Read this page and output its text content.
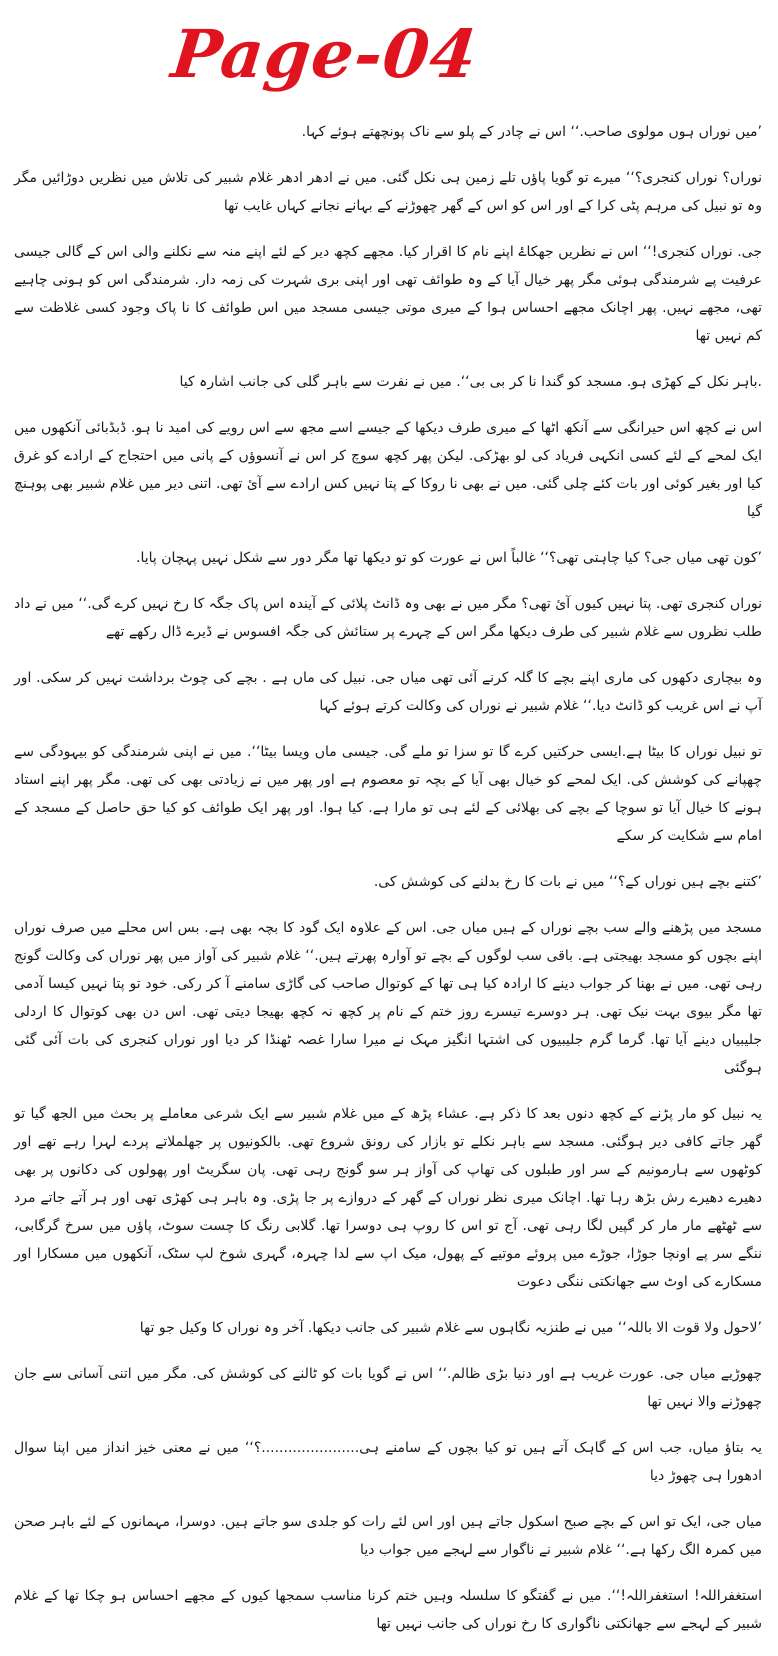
Page-04

’میں نوراں ہوں مولوی صاحب.‘‘ اس نے چادر کے پلو سے ناک پونچھتے ہوئے کہا.

نوراں؟ نوراں کنجری؟‘‘ میرے تو گویا پاؤں تلے زمین ہی نکل گئی. میں نے ادھر ادھر غلام شبیر کی تلاش میں نظریں دوڑائیں مگر وہ تو نبیل کی مرہم پٹی کرا کے اور اس کو اس کے گھر چھوڑنے کے بہانے نجانے کہاں غایب تھا

جی. نوراں کنجری!‘‘ اس نے نظریں جھکاۓ اپنے نام کا اقرار کیا. مجھے کچھ دیر کے لئے اپنے منہ سے نکلنے والی اس کے گالی جیسی عرفیت پے شرمندگی ہوئی مگر پھر خیال آیا کے وہ طوائف تھی اور اپنی بری شہرت کی زمہ دار. شرمندگی اس کو ہونی چاہیے تھی، مجھے نہیں. پھر اچانک مجھے احساس ہوا کے میری موتی جیسی مسجد میں اس طوائف کا نا پاک وجود کسی غلاظت سے کم نہیں تھا

.باہر نکل کے کھڑی ہو. مسجد کو گندا نا کر بی بی‘‘. میں نے نفرت سے باہر گلی کی جانب اشارہ کیا

اس نے کچھ اس حیرانگی سے آنکھ اٹھا کے میری طرف دیکھا کے جیسے اسے مجھ سے اس رویے کی امید نا ہو. ڈبڈبائی آنکھوں میں ایک لمحے کے لئے کسی انکہی فریاد کی لو بھڑکی. لیکن پھر کچھ سوچ کر اس نے آنسوؤں کے پانی میں احتجاج کے ارادے کو غرق کیا اور بغیر کوئی اور بات کئے چلی گئی. میں نے بھی نا روکا کے پتا نہیں کس ارادے سے آئ تھی. اتنی دیر میں غلام شبیر بھی پوہنچ گیا

’کون تھی میاں جی؟ کیا چاہتی تھی؟‘‘ غالباً اس نے عورت کو تو دیکھا تھا مگر دور سے شکل نہیں پہچان پایا.

نوراں کنجری تھی. پتا نہیں کیوں آئ تھی؟ مگر میں نے بھی وہ ڈانٹ پلائی کے آیندہ اس پاک جگہ کا رخ نہیں کرے گی.‘‘ میں نے داد طلب نظروں سے غلام شبیر کی طرف دیکھا مگر اس کے چہرے پر ستائش کی جگہ افسوس نے ڈیرے ڈال رکھے تھے

وہ بیچاری دکھوں کی ماری اپنے بچے کا گلہ کرنے آئی تھی میاں جی. نبیل کی ماں ہے . بچے کی چوٹ برداشت نہیں کر سکی. اور آپ نے اس غریب کو ڈانٹ دیا.‘‘ غلام شبیر نے نوراں کی وکالت کرتے ہوئے کہا

تو نبیل نوراں کا بیٹا ہے.ایسی حرکتیں کرے گا تو سزا تو ملے گی. جیسی ماں ویسا بیٹا‘‘. میں نے اپنی شرمندگی کو بیہودگی سے چھپانے کی کوشش کی. ایک لمحے کو خیال بھی آیا کے بچہ تو معصوم ہے اور پھر میں نے زیادتی بھی کی تھی. مگر پھر اپنے استاد ہونے کا خیال آیا تو سوچا کے بچے کی بھلائی کے لئے ہی تو مارا ہے. کیا ہوا. اور پھر ایک طوائف کو کیا حق حاصل کے مسجد کے امام سے شکایت کر سکے

’کتنے بچے ہیں نوراں کے؟‘‘ میں نے بات کا رخ بدلنے کی کوشش کی.

مسجد میں پڑھنے والے سب بچے نوراں کے ہیں میاں جی. اس کے علاوہ ایک گود کا بچہ بھی ہے. بس اس محلے میں صرف نوراں اپنے بچوں کو مسجد بھیجتی ہے. باقی سب لوگوں کے بچے تو آوارہ پھرتے ہیں.‘‘ غلام شبیر کی آواز میں پھر نوراں کی وکالت گونج رہی تھی. میں نے بھنا کر جواب دینے کا ارادہ کیا ہی تھا کے کوتوال صاحب کی گاڑی سامنے آ کر رکی. خود تو پتا نہیں کیسا آدمی تھا مگر بیوی بہت نیک تھی. ہر دوسرے تیسرے روز ختم کے نام پر کچھ نہ کچھ بھیجا دیتی تھی. اس دن بھی کوتوال کا اردلی جلیبیاں دینے آیا تھا. گرما گرم جلیبیوں کی اشتہا انگیز مہک نے میرا سارا غصہ ٹھنڈا کر دیا اور نوراں کنجری کی بات آئی گئی ہوگئی

یہ نبیل کو مار پڑنے کے کچھ دنوں بعد کا ذکر ہے. عشاء پڑھ کے میں غلام شبیر سے ایک شرعی معاملے پر بحث میں الجھ گیا تو گھر جاتے کافی دیر ہوگئی. مسجد سے باہر نکلے تو بازار کی رونق شروع تھی. بالکونیوں پر جھلملاتے پردے لہرا رہے تھے اور کوٹھوں سے ہارمونیم کے سر اور طبلوں کی تھاپ کی آواز ہر سو گونج رہی تھی. پان سگریٹ اور پھولوں کی دکانوں پر بھی دھیرے دھیرے رش بڑھ رہا تھا. اچانک میری نظر نوراں کے گھر کے دروازے پر جا پڑی. وہ باہر ہی کھڑی تھی اور ہر آتے جاتے مرد سے ٹھٹھے مار مار کر گپیں لگا رہی تھی. آج تو اس کا روپ ہی دوسرا تھا. گلابی رنگ کا چست سوٹ، پاؤں میں سرخ گرگابی، ننگے سر پے اونچا جوڑا، جوڑے میں پروئے موتیے کے پھول، میک اپ سے لدا چہرہ، گہری شوخ لپ سٹک، آنکھوں میں مسکارا اور مسکارے کی اوٹ سے جھانکتی ننگی دعوت

’لاحول ولا قوت الا باللہ‘‘ میں نے طنزیہ نگاہوں سے غلام شبیر کی جانب دیکھا. آخر وہ نوراں کا وکیل جو تھا

چھوڑیے میاں جی. عورت غریب ہے اور دنیا بڑی ظالم.‘‘ اس نے گویا بات کو ٹالنے کی کوشش کی. مگر میں اتنی آسانی سے جان چھوڑنے والا نہیں تھا

یہ بتاؤ میاں، جب اس کے گاہک آتے ہیں تو کیا بچوں کے سامنے ہی......................؟‘‘ میں نے معنی خیز انداز میں اپنا سوال ادھورا ہی چھوڑ دیا

میاں جی، ایک تو اس کے بچے صبح اسکول جاتے ہیں اور اس لئے رات کو جلدی سو جاتے ہیں. دوسرا، مہمانوں کے لئے باہر صحن میں کمرہ الگ رکھا ہے.‘‘ غلام شبیر نے ناگوار سے لہجے میں جواب دیا

استغفراللہ! استغفراللہ!‘‘. میں نے گفتگو کا سلسلہ وہیں ختم کرنا مناسب سمجھا کیوں کے مجھے احساس ہو چکا تھا کے غلام شبیر کے لہجے سے جھانکتی ناگواری کا رخ نوراں کی جانب نہیں تھا
